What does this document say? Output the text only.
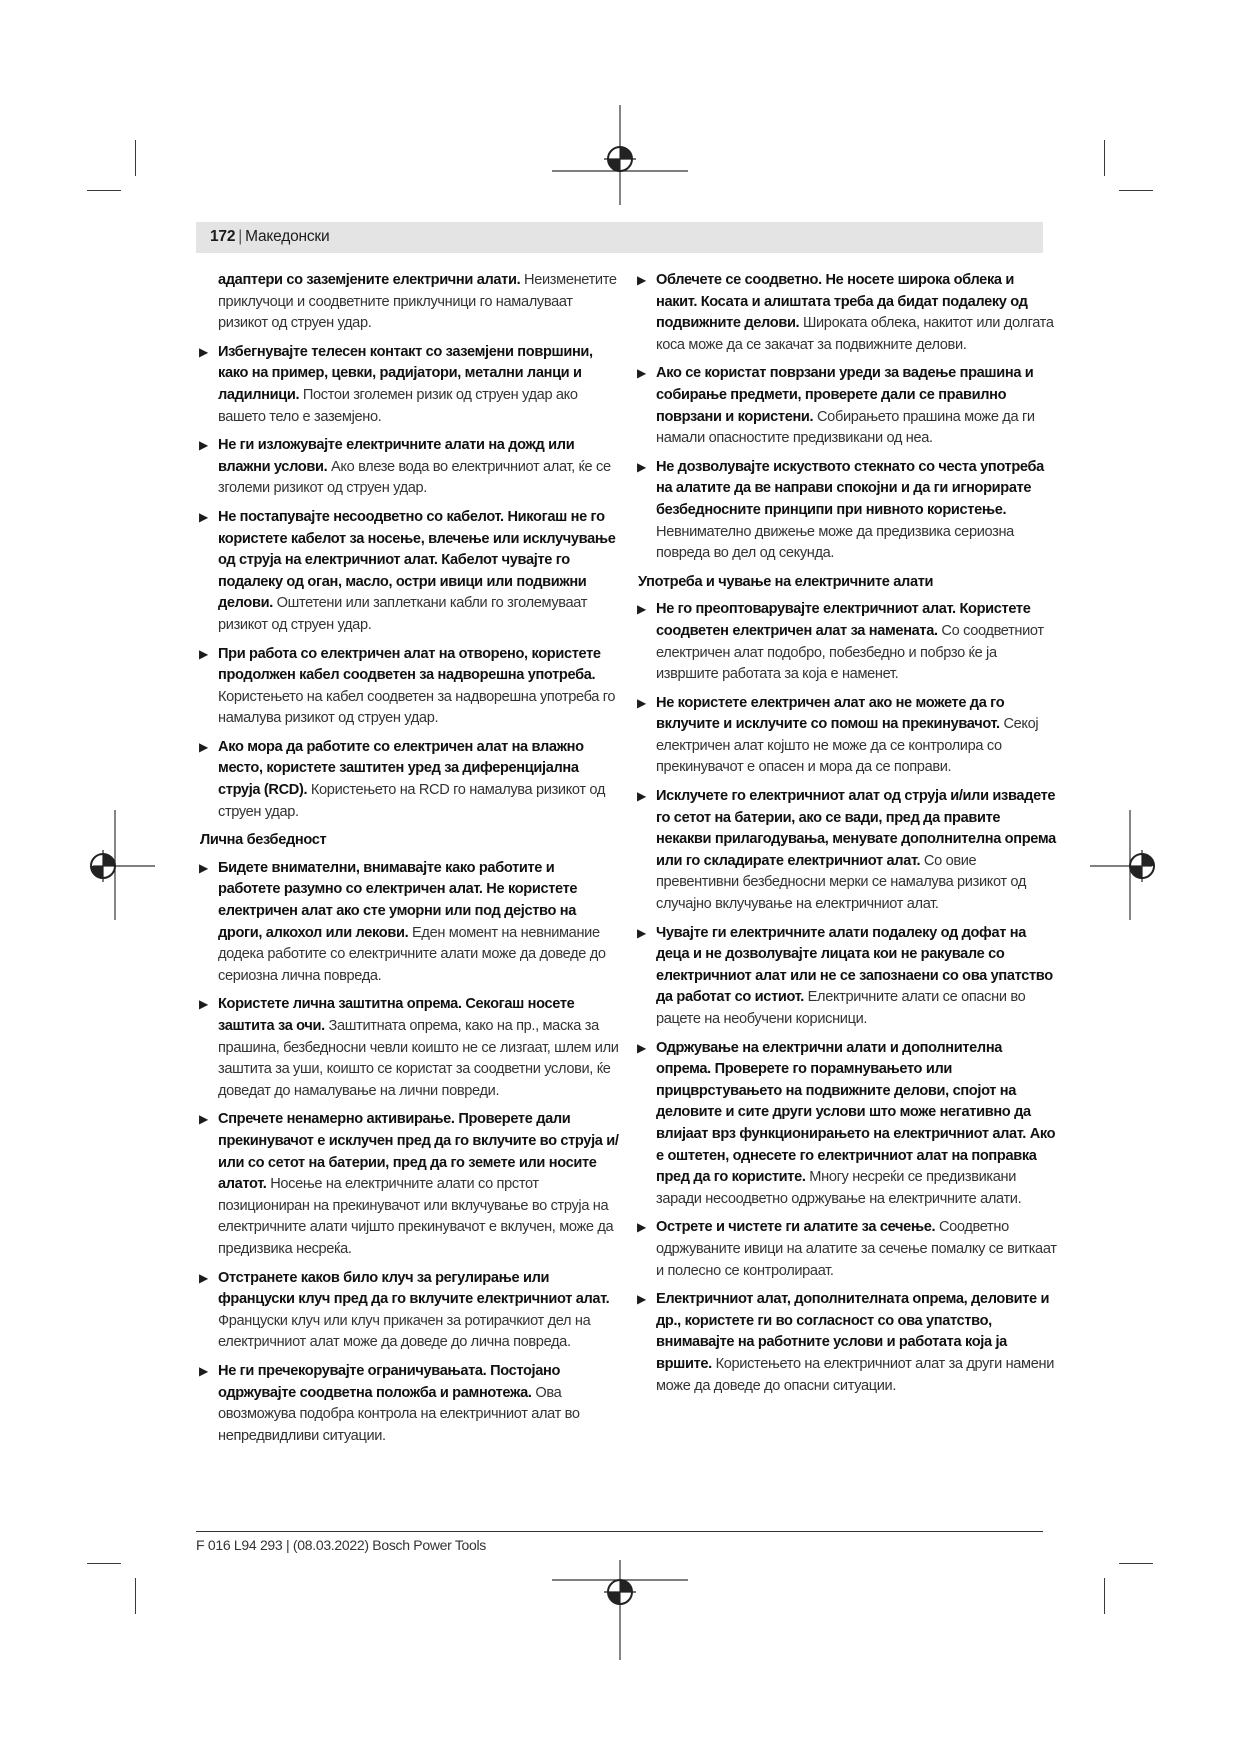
172 | Македонски
адаптери со заземјените електрични алати. Неизменетите приклучоци и соодветните приклучници го намалуваат ризикот од струен удар.
▶ Избегнувајте телесен контакт со заземјени површини, како на пример, цевки, радијатори, метални ланци и ладилници. Постои зголемен ризик од струен удар ако вашето тело е заземјено.
▶ Не ги изложувајте електричните алати на дожд или влажни услови. Ако влезе вода во електричниот алат, ќе се зголеми ризикот од струен удар.
▶ Не постапувајте несоодветно со кабелот. Никогаш не го користете кабелот за носење, влечење или исклучување од струја на електричниот алат. Кабелот чувајте го подалеку од оган, масло, остри ивици или подвижни делови. Оштетени или заплеткани кабли го зголемуваат ризикот од струен удар.
▶ При работа со електричен алат на отворено, користете продолжен кабел соодветен за надворешна употреба. Користењето на кабел соодветен за надворешна употреба го намалува ризикот од струен удар.
▶ Ако мора да работите со електричен алат на влажно место, користете заштитен уред за диференцијална струја (RCD). Користењето на RCD го намалува ризикот од струен удар.
Лична безбедност
▶ Бидете внимателни, внимавајте како работите и работете разумно со електричен алат. Не користете електричен алат ако сте уморни или под дејство на дроги, алкохол или лекови. Еден момент на невнимание додека работите со електричните алати може да доведе до сериозна лична повреда.
▶ Користете лична заштитна опрема. Секогаш носете заштита за очи. Заштитната опрема, како на пр., маска за прашина, безбедносни чевли коишто не се лизгаат, шлем или заштита за уши, коишто се користат за соодветни услови, ќе доведат до намалување на лични повреди.
▶ Спречете ненамерно активирање. Проверете дали прекинувачот е исклучен пред да го вклучите во струја и/или со сетот на батерии, пред да го земете или носите алатот. Носење на електричните алати со прстот позициониран на прекинувачот или вклучување во струја на електричните алати чијшто прекинувачот е вклучен, може да предизвика несреќа.
▶ Отстранете каков било клуч за регулирање или француски клуч пред да го вклучите електричниот алат. Француски клуч или клуч прикачен за ротирачкиот дел на електричниот алат може да доведе до лична повреда.
▶ Не ги пречекорувајте ограничувањата. Постојано одржувајте соодветна положба и рамнотежа. Ова овозможува подобра контрола на електричниот алат во непредвидливи ситуации.
▶ Облечете се соодветно. Не носете широка облека и накит. Косата и алиштата треба да бидат подалеку од подвижните делови. Широката облека, накитот или долгата коса може да се закачат за подвижните делови.
▶ Ако се користат поврзани уреди за вадење прашина и собирање предмети, проверете дали се правилно поврзани и користени. Собирањето прашина може да ги намали опасностите предизвикани од неа.
▶ Не дозволувајте искуството стекнато со честа употреба на алатите да ве направи спокојни и да ги игнорирате безбедносните принципи при нивното користење. Невнимателно движење може да предизвика сериозна повреда во дел од секунда.
Употреба и чување на електричните алати
▶ Не го преоптоварувајте електричниот алат. Користете соодветен електричен алат за намената. Со соодветниот електричен алат подобро, побезбедно и побрзо ќе ја извршите работата за која е наменет.
▶ Не користете електричен алат ако не можете да го вклучите и исклучите со помош на прекинувачот. Секој електричен алат којшто не може да се контролира со прекинувачот е опасен и мора да се поправи.
▶ Исклучете го електричниот алат од струја и/или извадете го сетот на батерии, ако се вади, пред да правите некакви прилагодувања, менувате дополнителна опрема или го складирате електричниот алат. Со овие превентивни безбедносни мерки се намалува ризикот од случајно вклучување на електричниот алат.
▶ Чувајте ги електричните алати подалеку од дофат на деца и не дозволувајте лицата кои не ракувале со електричниот алат или не се запознаени со ова упатство да работат со истиот. Електричните алати се опасни во рацете на необучени корисници.
▶ Одржување на електрични алати и дополнителна опрема. Проверете го порамнувањето или прицврстувањето на подвижните делови, спојот на деловите и сите други услови што може негативно да влијаат врз функционирањето на електричниот алат. Ако е оштетен, однесете го електричниот алат на поправка пред да го користите. Многу несреќи се предизвикани заради несоодветно одржување на електричните алати.
▶ Острете и чистете ги алатите за сечење. Соодветно одржуваните ивици на алатите за сечење помалку се виткаат и полесно се контролираат.
▶ Електричниот алат, дополнителната опрема, деловите и др., користете ги во согласност со ова упатство, внимавајте на работните услови и работата која ја вршите. Користењето на електричниот алат за други намени може да доведе до опасни ситуации.
F 016 L94 293 | (08.03.2022) Bosch Power Tools
